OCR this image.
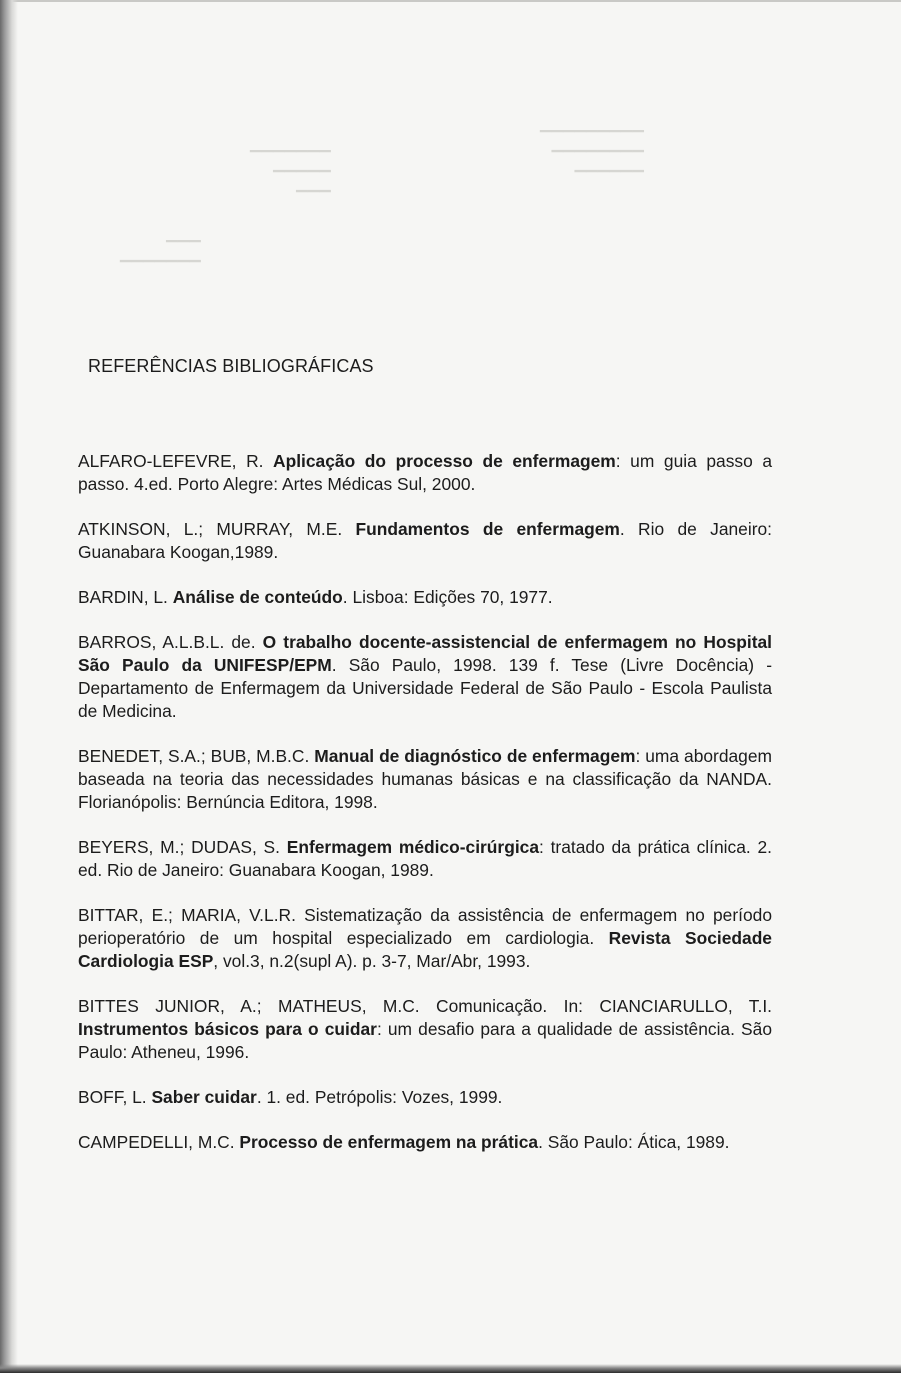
▔▔▔▔▔▔▔
▔▔▔▔▔
▔▔▔
▔▔▔▔▔▔▔▔▔
▔▔▔▔▔▔▔▔
▔▔▔▔▔▔
▔▔▔
▔▔▔▔▔▔▔
REFERÊNCIAS BIBLIOGRÁFICAS
ALFARO-LEFEVRE, R. Aplicação do processo de enfermagem: um guia passo a passo. 4.ed. Porto Alegre: Artes Médicas Sul, 2000.
ATKINSON, L.; MURRAY, M.E. Fundamentos de enfermagem. Rio de Janeiro: Guanabara Koogan,1989.
BARDIN, L. Análise de conteúdo. Lisboa: Edições 70, 1977.
BARROS, A.L.B.L. de. O trabalho docente-assistencial de enfermagem no Hospital São Paulo da UNIFESP/EPM. São Paulo, 1998. 139 f. Tese (Livre Docência) - Departamento de Enfermagem da Universidade Federal de São Paulo - Escola Paulista de Medicina.
BENEDET, S.A.; BUB, M.B.C. Manual de diagnóstico de enfermagem: uma abordagem baseada na teoria das necessidades humanas básicas e na classificação da NANDA. Florianópolis: Bernúncia Editora, 1998.
BEYERS, M.; DUDAS, S. Enfermagem médico-cirúrgica: tratado da prática clínica. 2. ed. Rio de Janeiro: Guanabara Koogan, 1989.
BITTAR, E.; MARIA, V.L.R. Sistematização da assistência de enfermagem no período perioperatório de um hospital especializado em cardiologia. Revista Sociedade Cardiologia ESP, vol.3, n.2(supl A). p. 3-7, Mar/Abr, 1993.
BITTES JUNIOR, A.; MATHEUS, M.C. Comunicação. In: CIANCIARULLO, T.I. Instrumentos básicos para o cuidar: um desafio para a qualidade de assistência. São Paulo: Atheneu, 1996.
BOFF, L. Saber cuidar. 1. ed. Petrópolis: Vozes, 1999.
CAMPEDELLI, M.C. Processo de enfermagem na prática. São Paulo: Ática, 1989.
